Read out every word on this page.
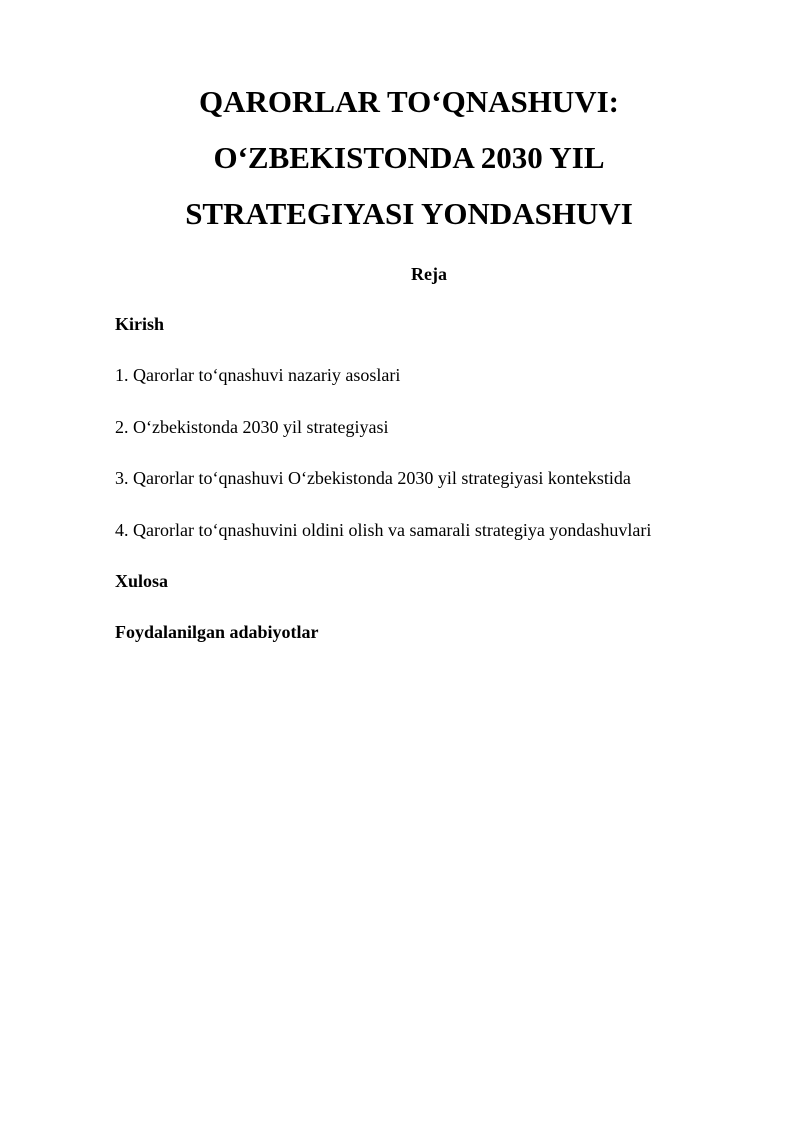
QARORLAR TO‘QNASHUVI:
O‘ZBEKISTONDA 2030 YIL
STRATEGIYASI YONDASHUVI
Reja
Kirish
1. Qarorlar to‘qnashuvi nazariy asoslari
2. O‘zbekistonda 2030 yil strategiyasi
3. Qarorlar to‘qnashuvi O‘zbekistonda 2030 yil strategiyasi kontekstida
4. Qarorlar to‘qnashuvini oldini olish va samarali strategiya yondashuvlari
Xulosa
Foydalanilgan adabiyotlar
